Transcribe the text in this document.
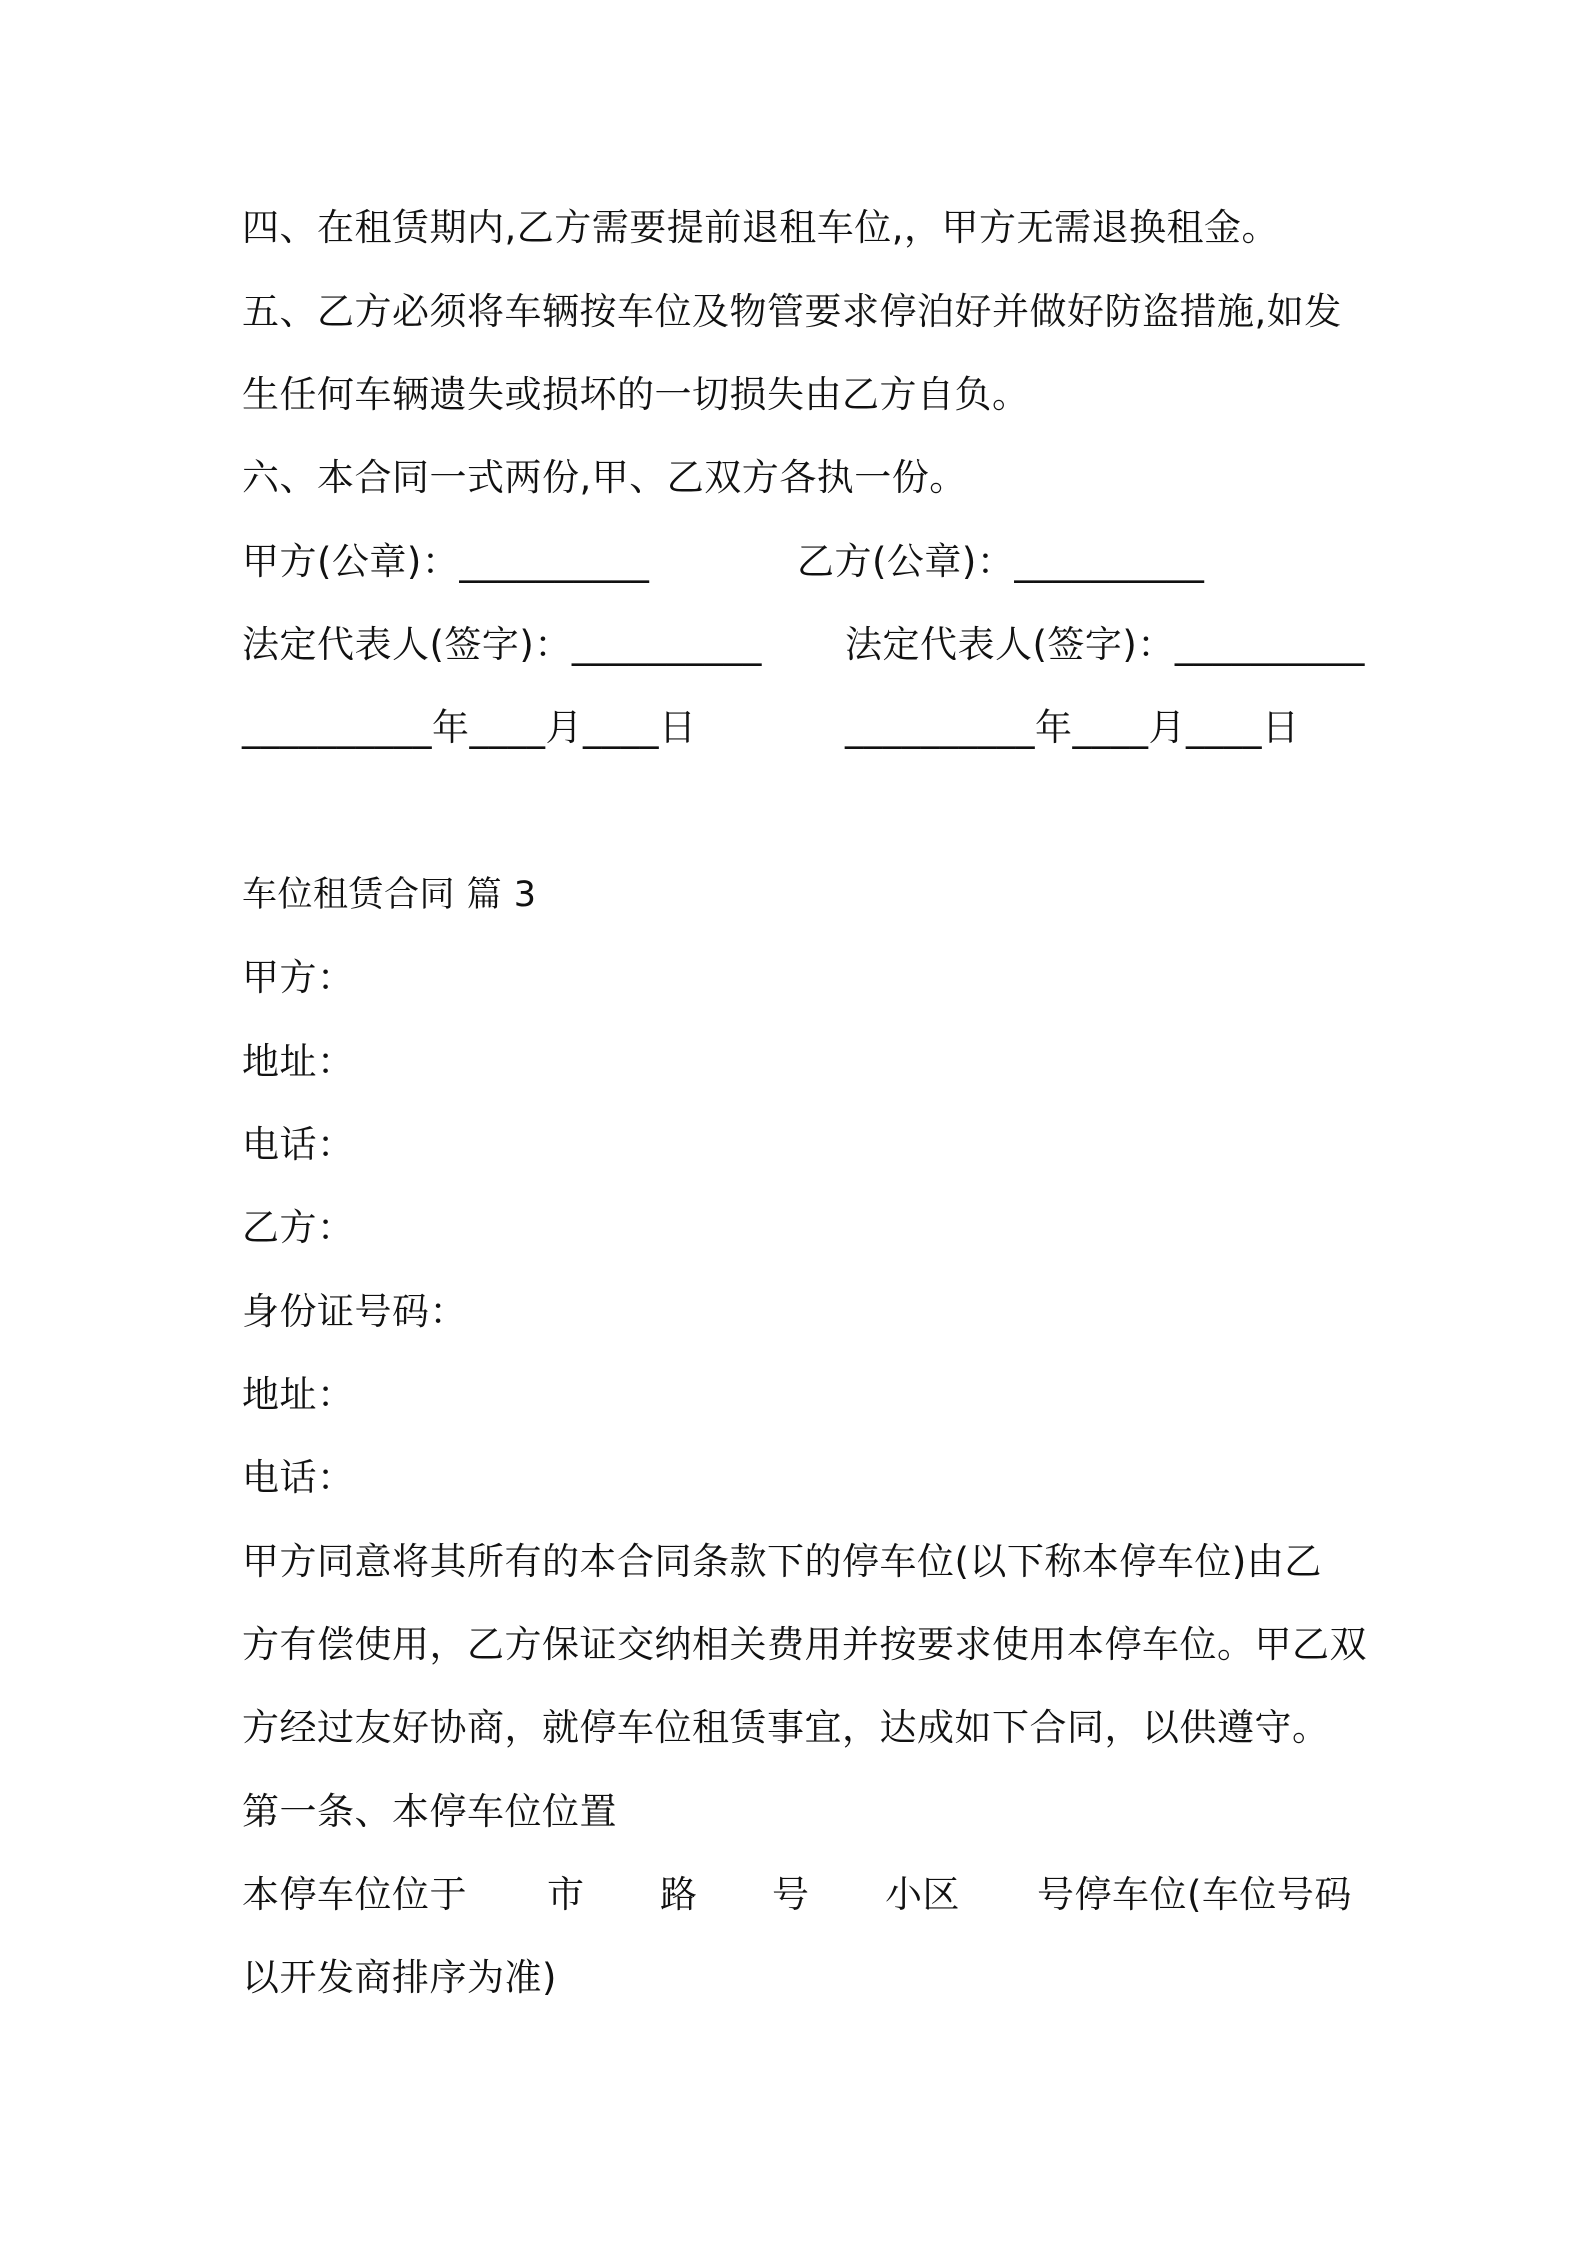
四、在租赁期内,乙方需要提前退租车位,，甲方无需退换租金。
五、乙方必须将车辆按车位及物管要求停泊好并做好防盗措施,如发
生任何车辆遗失或损坏的一切损失由乙方自负。
六、本合同一式两份,甲、乙双方各执一份。
甲方(公章)：__________	乙方(公章)：__________
法定代表人(签字)：__________ 法定代表人(签字)：__________
__________年____月____日	__________年____月____日
车位租赁合同 篇 3
甲方：
地址：
电话：
乙方：
身份证号码：
地址：
电话：
甲方同意将其所有的本合同条款下的停车位(以下称本停车位)由乙
方有偿使用，乙方保证交纳相关费用并按要求使用本停车位。甲乙双
方经过友好协商，就停车位租赁事宜，达成如下合同，以供遵守。
第一条、本停车位位置
本停车位位于 市 路 号 小区 号停车位(车位号码
以开发商排序为准)
